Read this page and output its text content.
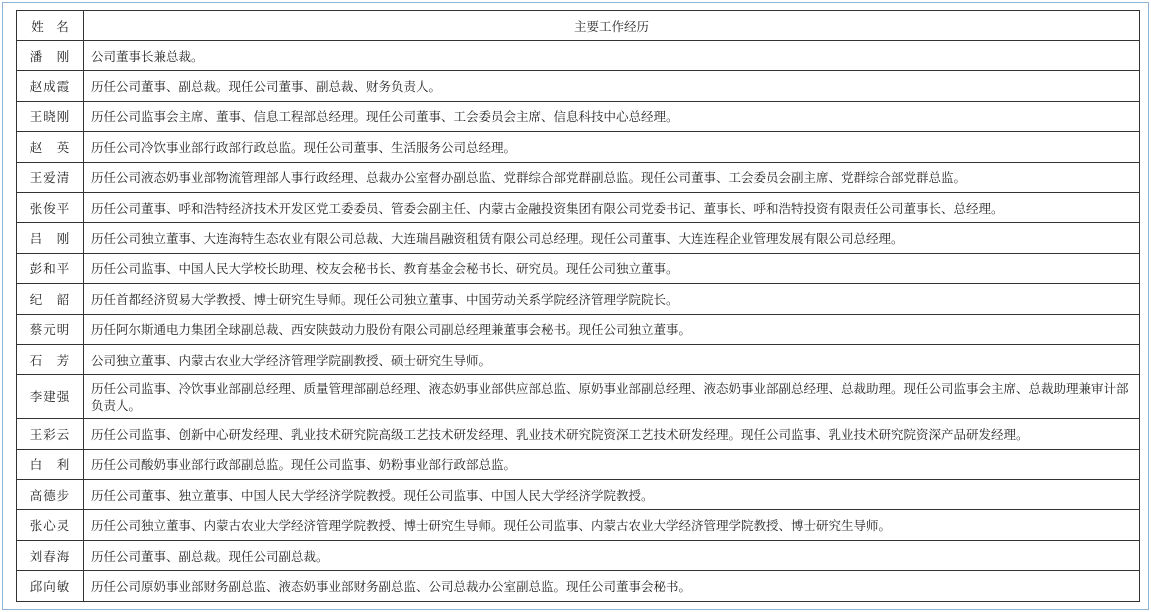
姓　名	主要工作经历
潘　刚	公司董事长兼总裁。
赵成霞	历任公司董事、副总裁。现任公司董事、副总裁、财务负责人。
王晓刚	历任公司监事会主席、董事、信息工程部总经理。现任公司董事、工会委员会主席、信息科技中心总经理。
赵　英	历任公司冷饮事业部行政部行政总监。现任公司董事、生活服务公司总经理。
王爱清	历任公司液态奶事业部物流管理部人事行政经理、总裁办公室督办副总监、党群综合部党群副总监。现任公司董事、工会委员会副主席、党群综合部党群总监。
张俊平	历任公司董事、呼和浩特经济技术开发区党工委委员、管委会副主任、内蒙古金融投资集团有限公司党委书记、董事长、呼和浩特投资有限责任公司董事长、总经理。
吕　刚	历任公司独立董事、大连海特生态农业有限公司总裁、大连瑞昌融资租赁有限公司总经理。现任公司董事、大连连程企业管理发展有限公司总经理。
彭和平	历任公司监事、中国人民大学校长助理、校友会秘书长、教育基金会秘书长、研究员。现任公司独立董事。
纪　韶	历任首都经济贸易大学教授、博士研究生导师。现任公司独立董事、中国劳动关系学院经济管理学院院长。
蔡元明	历任阿尔斯通电力集团全球副总裁、西安陕鼓动力股份有限公司副总经理兼董事会秘书。现任公司独立董事。
石　芳	公司独立董事、内蒙古农业大学经济管理学院副教授、硕士研究生导师。
李建强	历任公司监事、冷饮事业部副总经理、质量管理部副总经理、液态奶事业部供应部总监、原奶事业部副总经理、液态奶事业部副总经理、总裁助理。现任公司监事会主席、总裁助理兼审计部负责人。
王彩云	历任公司监事、创新中心研发经理、乳业技术研究院高级工艺技术研发经理、乳业技术研究院资深工艺技术研发经理。现任公司监事、乳业技术研究院资深产品研发经理。
白　利	历任公司酸奶事业部行政部副总监。现任公司监事、奶粉事业部行政部总监。
高德步	历任公司董事、独立董事、中国人民大学经济学院教授。现任公司监事、中国人民大学经济学院教授。
张心灵	历任公司独立董事、内蒙古农业大学经济管理学院教授、博士研究生导师。现任公司监事、内蒙古农业大学经济管理学院教授、博士研究生导师。
刘春海	历任公司董事、副总裁。现任公司副总裁。
邱向敏	历任公司原奶事业部财务副总监、液态奶事业部财务副总监、公司总裁办公室副总监。现任公司董事会秘书。
